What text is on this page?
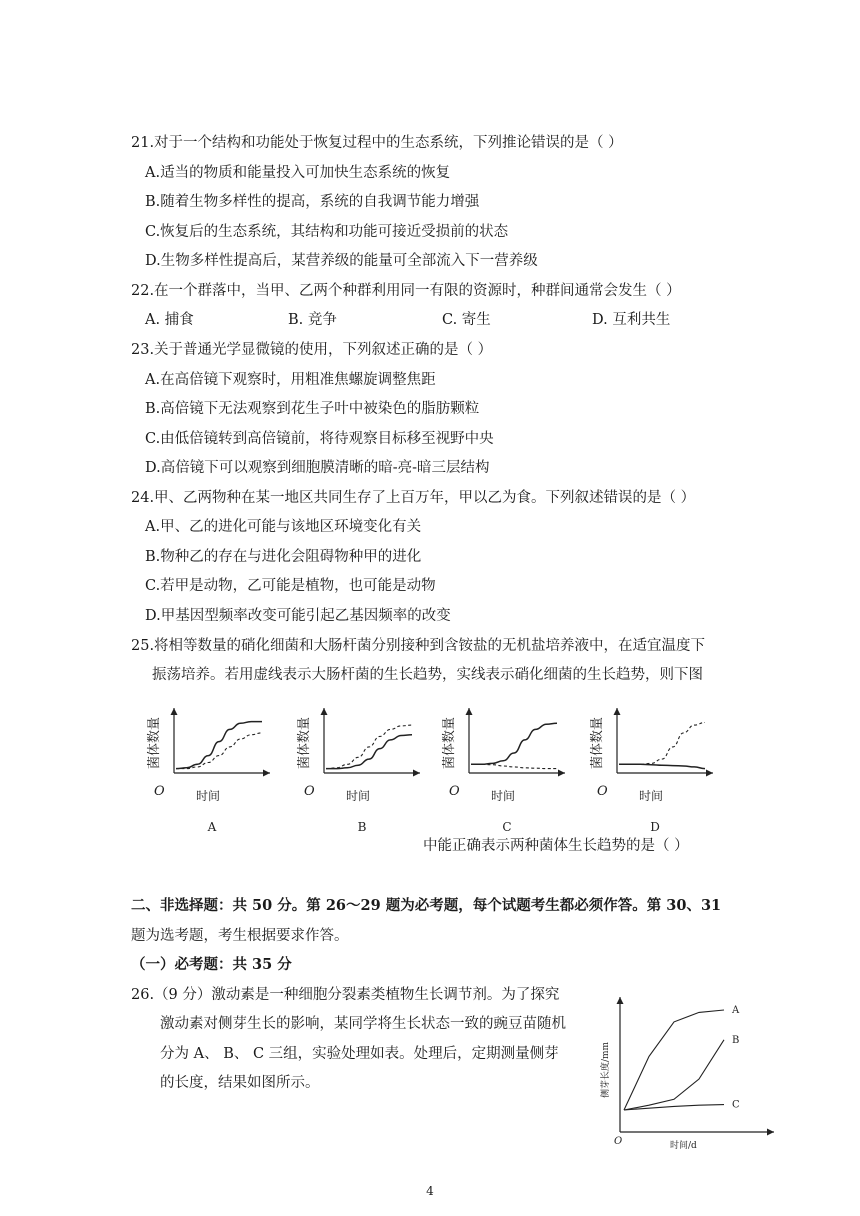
21.对于一个结构和功能处于恢复过程中的生态系统，下列推论错误的是（ ）
A.适当的物质和能量投入可加快生态系统的恢复
B.随着生物多样性的提高，系统的自我调节能力增强
C.恢复后的生态系统，其结构和功能可接近受损前的状态
D.生物多样性提高后，某营养级的能量可全部流入下一营养级
22.在一个群落中，当甲、乙两个种群利用同一有限的资源时，种群间通常会发生（ ）
A. 捕食	B. 竞争	C. 寄生	D. 互利共生
23.关于普通光学显微镜的使用，下列叙述正确的是（ ）
A.在高倍镜下观察时，用粗准焦螺旋调整焦距
B.高倍镜下无法观察到花生子叶中被染色的脂肪颗粒
C.由低倍镜转到高倍镜前，将待观察目标移至视野中央
D.高倍镜下可以观察到细胞膜清晰的暗-亮-暗三层结构
24.甲、乙两物种在某一地区共同生存了上百万年，甲以乙为食。下列叙述错误的是（ ）
A.甲、乙的进化可能与该地区环境变化有关
B.物种乙的存在与进化会阻碍物种甲的进化
C.若甲是动物，乙可能是植物，也可能是动物
D.甲基因型频率改变可能引起乙基因频率的改变
25.将相等数量的硝化细菌和大肠杆菌分别接种到含铵盐的无机盐培养液中，在适宜温度下
振荡培养。若用虚线表示大肠杆菌的生长趋势，实线表示硝化细菌的生长趋势，则下图
菌体数量
O	时间
A
菌体数量
O	时间
B
菌体数量
O	时间
C
菌体数量
O	时间
D
中能正确表示两种菌体生长趋势的是（ ）
二、非选择题：共 50 分。第 26～29 题为必考题，每个试题考生都必须作答。第 30、31
题为选考题，考生根据要求作答。
（一）必考题：共 35 分
26.（9 分）激动素是一种细胞分裂素类植物生长调节剂。为了探究
激动素对侧芽生长的影响，某同学将生长状态一致的豌豆苗随机
分为 A、 B、 C 三组，实验处理如表。处理后，定期测量侧芽
的长度，结果如图所示。	侧芽长度/mm
O	时间/d
A
B
C
4
